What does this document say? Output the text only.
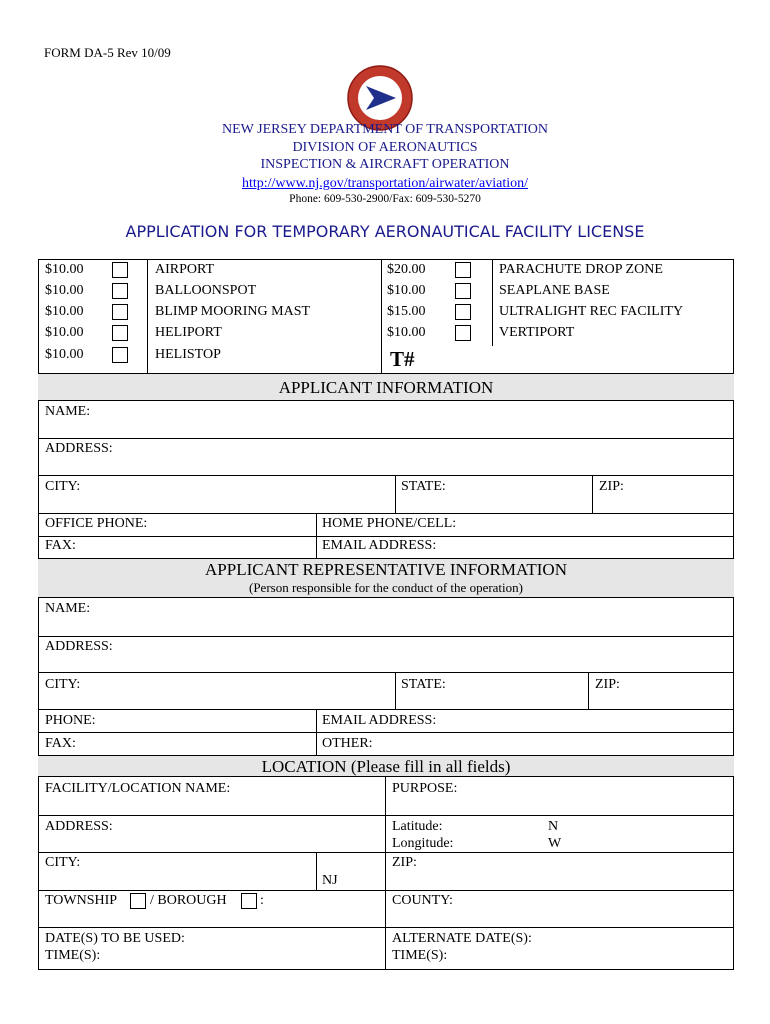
FORM DA-5 Rev 10/09
NEW JERSEY DEPARTMENT OF TRANSPORTATION
DIVISION OF AERONAUTICS
INSPECTION & AIRCRAFT OPERATION
http://www.nj.gov/transportation/airwater/aviation/
Phone: 609-530-2900/Fax: 609-530-5270
APPLICATION FOR TEMPORARY AERONAUTICAL FACILITY LICENSE
$10.00	AIRPORT
$10.00	BALLOONSPOT
$10.00	BLIMP MOORING MAST
$10.00	HELIPORT
$10.00	HELISTOP
$20.00	PARACHUTE DROP ZONE
$10.00	SEAPLANE BASE
$15.00	ULTRALIGHT REC FACILITY
$10.00	VERTIPORT
T#
APPLICANT INFORMATION
NAME:
ADDRESS:
CITY:	STATE:	ZIP:
OFFICE PHONE:	HOME PHONE/CELL:
FAX:	EMAIL ADDRESS:
APPLICANT REPRESENTATIVE INFORMATION
(Person responsible for the conduct of the operation)
NAME:
ADDRESS:
CITY:	STATE:	ZIP:
PHONE:	EMAIL ADDRESS:
FAX:	OTHER:
LOCATION (Please fill in all fields)
FACILITY/LOCATION NAME:	PURPOSE:
ADDRESS:	Latitude:	N
Longitude:	W
CITY:
NJ
ZIP:
TOWNSHIP / BOROUGH :	COUNTY:
DATE(S) TO BE USED:
TIME(S):
ALTERNATE DATE(S):
TIME(S):
